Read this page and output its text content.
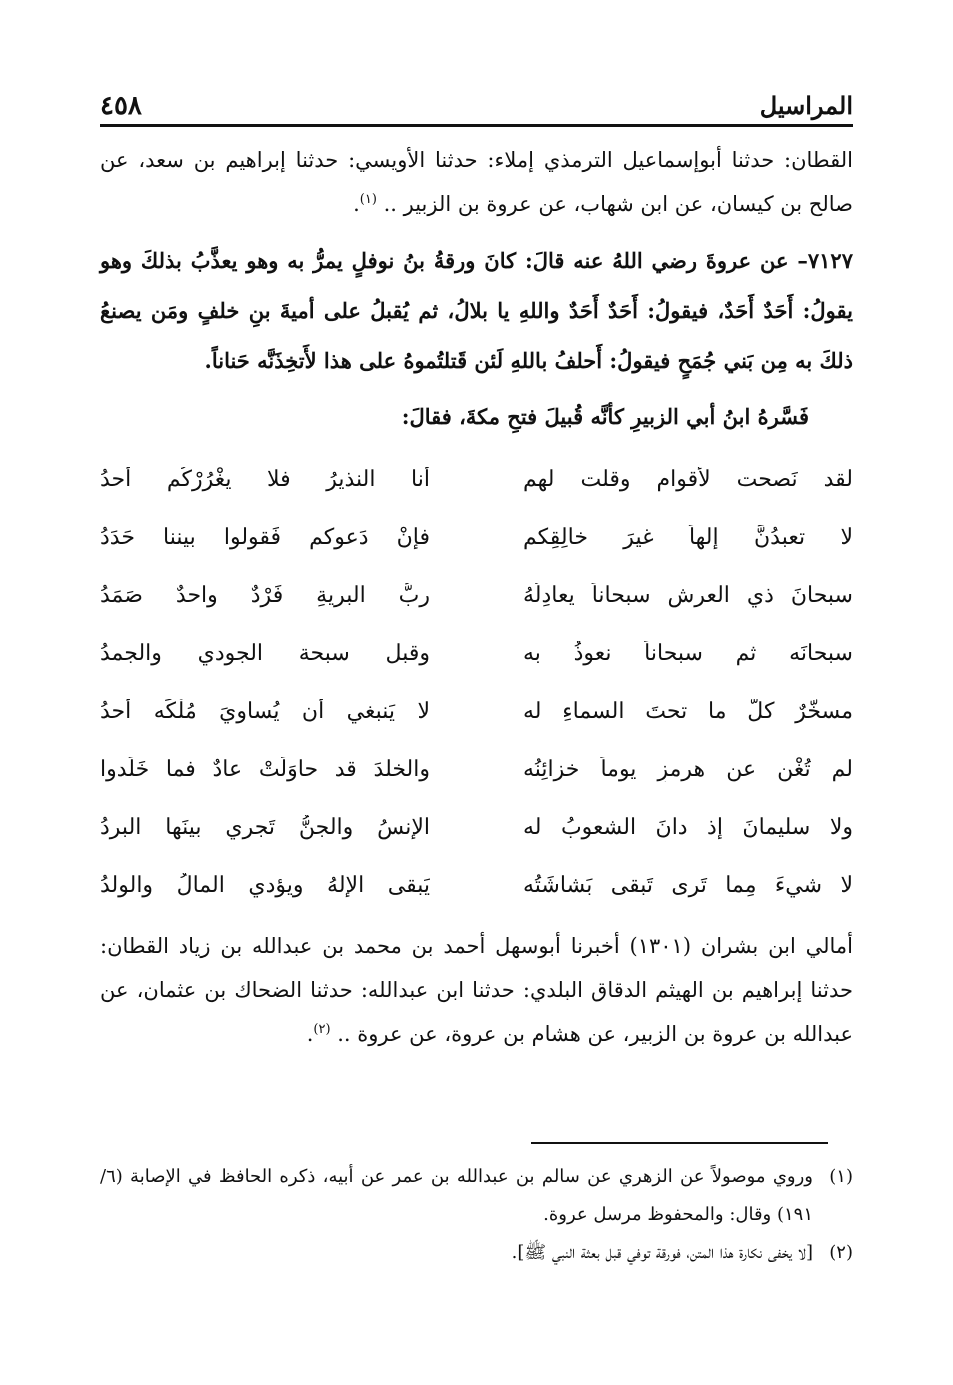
المراسيل
٤٥٨

القطان: حدثنا أبوإسماعيل الترمذي إملاء: حدثنا الأويسي: حدثنا إبراهيم بن سعد، عن صالح بن كيسان، عن ابن شهاب، عن عروة بن الزبير .. $^{(١)}$.

٧١٢٧– عن عروةَ رضي اللهُ عنه قالَ: كانَ ورقةُ بنُ نوفلٍ يمرُّ به وهو يعذَّبُ بذلكَ وهو يقولُ: أَحَدٌ أَحَدٌ، فيقولُ: أَحَدٌ أَحَدٌ واللهِ يا بلالُ، ثم يُقبلُ على أميةَ بنِ خلفٍ ومَن يصنعُ ذلكَ به مِن بَني جُمَحٍ فيقولُ: أَحلفُ باللهِ لَئن قَتلتُموهُ على هذا لأَتخِذَنَّه حَناناً.

فَسَّرهُ ابنُ أبي الزبيرِ كأنَّه قُبيلَ فتحِ مكةَ، فقالَ:

لقد نَصحت لأقوامٍ وقلت لهم
أنا النذيرُ فلا يغْرُرْكُم أحدُ
لا تعبدُنَّ إلهاً غيرَ خالِقِكم
فإنْ دَعوكم فَقولوا بيننا حَدَدُ
سبحانَ ذي العرشِ سبحاناً يعادِلُهُ
ربُّ البريةِ فَرْدٌ واحدٌ صَمَدُ
سبحانَه ثم سبحاناً نعوذُ به
وقبل سبحة الجودي والجمدُ
مسخَّرٌ كلُّ ما تحتَ السماءِ له
لا يَنبغي أن يُساويَ مُلْكَه أحدُ
لم تُغْنِ عن هرمزٍ يوماً خزائِنُه
والخلدَ قد حاوَلَتْ عادٌ فما خَلَدوا
ولا سليمانَ إذ دانَ الشعوبُ له
الإنسُ والجنُّ تَجري بينَها البردُ
لا شيءَ مِما تَرى تَبقى بَشاشَتُه
يَبقى الإلهُ ويؤدي المالُ والولدُ

أمالي ابن بشران (١٣٠١) أخبرنا أبوسهل أحمد بن محمد بن عبدالله بن زياد القطان: حدثنا إبراهيم بن الهيثم الدقاق البلدي: حدثنا ابن عبدالله: حدثنا الضحاك بن عثمان، عن عبدالله بن عروة بن الزبير، عن هشام بن عروة، عن عروة .. $^{(٢)}$.

(١)
وروي موصولاً عن الزهري عن سالم بن عبدالله بن عمر عن أبيه، ذكره الحافظ في الإصابة (٦/ ١٩١) وقال: والمحفوظ مرسل عروة.

(٢)
[لا يخفى نكارة هذا المتن، فورقة توفي قبل بعثة النبي ﷺ].
